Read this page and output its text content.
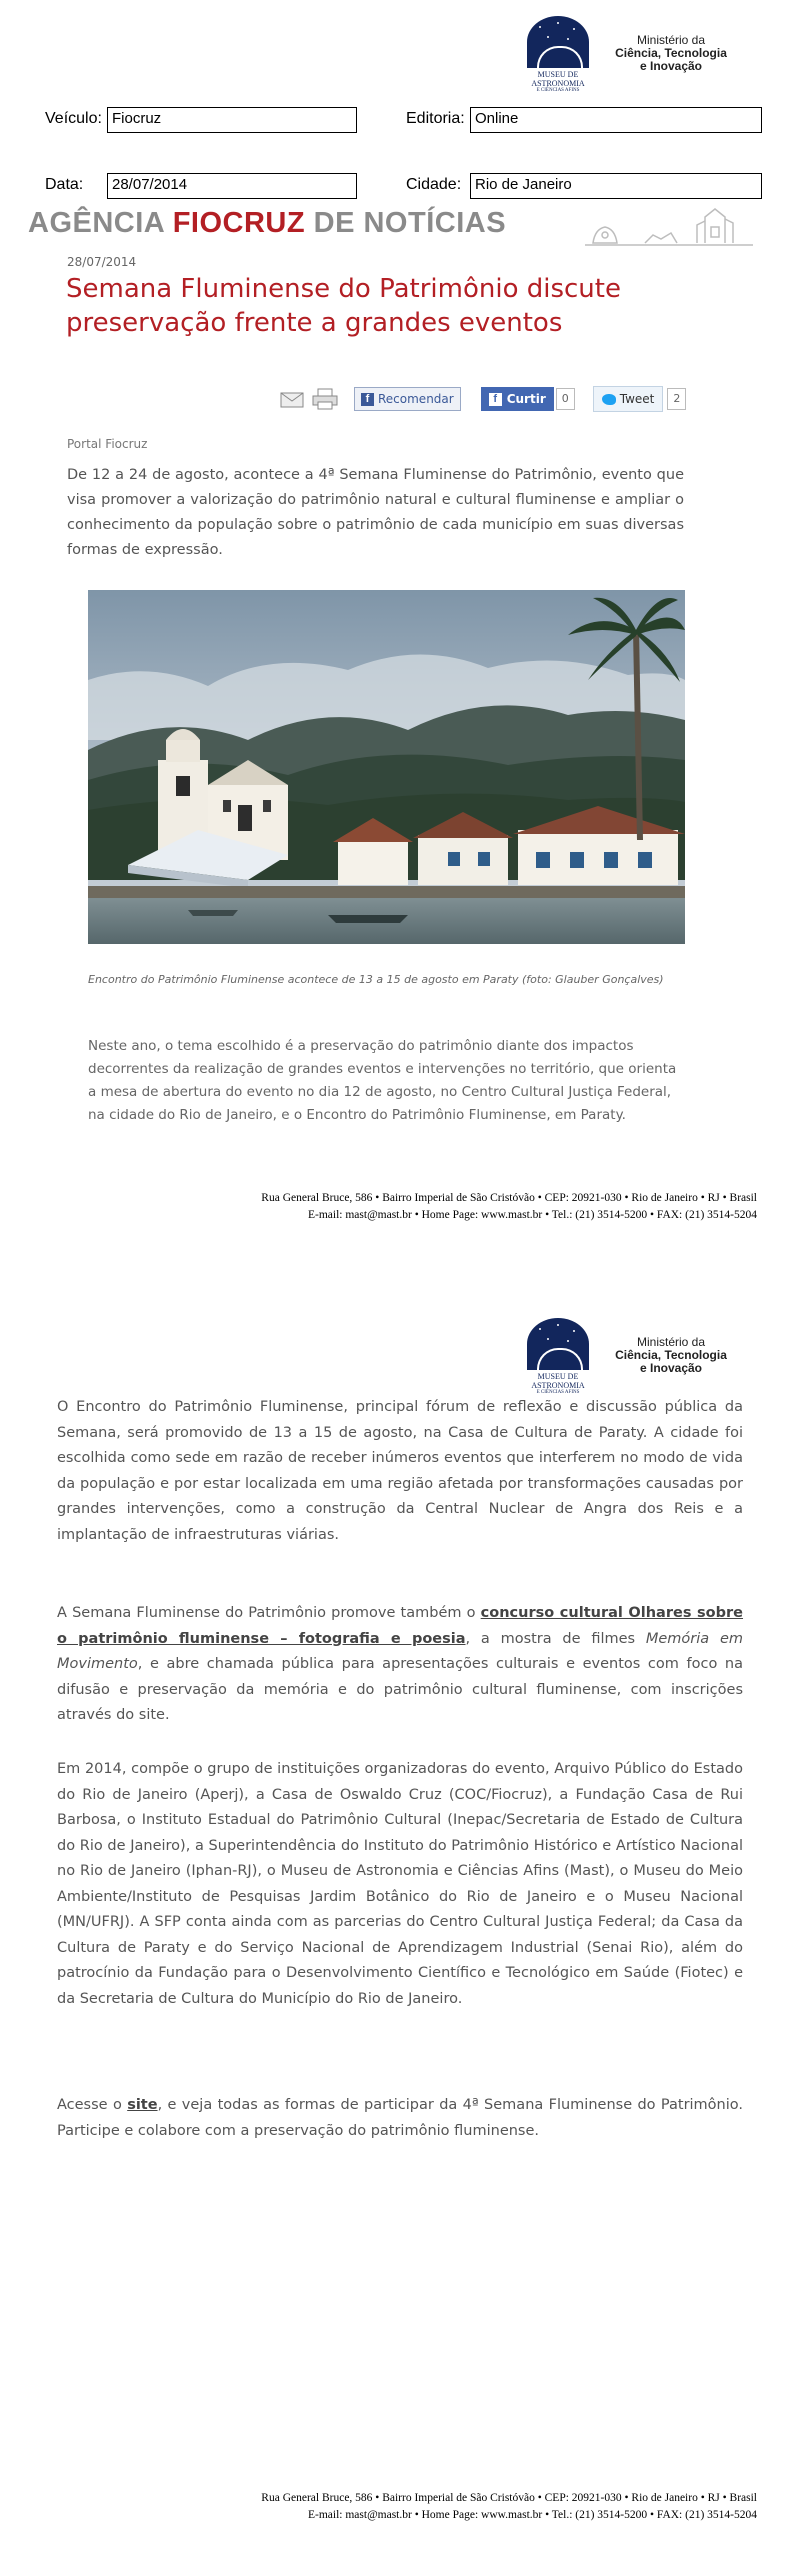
MUSEU DE
ASTRONOMIA
E CIÊNCIAS AFINS
Ministério da
Ciência, Tecnologia
e Inovação
Veículo: Fiocruz	Editoria: Online
Data:	28/07/2014	Cidade: Rio de Janeiro
AGÊNCIA FIOCRUZ DE NOTÍCIAS
28/07/2014
Semana Fluminense do Patrimônio discute preservação frente a grandes eventos
f Recomendar	f Curtir	0	Tweet	2
Portal Fiocruz

De 12 a 24 de agosto, acontece a 4ª Semana Fluminense do Patrimônio, evento que visa promover a valorização do patrimônio natural e cultural fluminense e ampliar o conhecimento da população sobre o patrimônio de cada município em suas diversas formas de expressão.

Encontro do Patrimônio Fluminense acontece de 13 a 15 de agosto em Paraty (foto: Glauber Gonçalves)

Neste ano, o tema escolhido é a preservação do patrimônio diante dos impactos decorrentes da realização de grandes eventos e intervenções no território, que orienta a mesa de abertura do evento no dia 12 de agosto, no Centro Cultural Justiça Federal, na cidade do Rio de Janeiro, e o Encontro do Patrimônio Fluminense, em Paraty.

Rua General Bruce, 586 • Bairro Imperial de São Cristóvão • CEP: 20921-030 • Rio de Janeiro • RJ • Brasil
E-mail: mast@mast.br • Home Page: www.mast.br • Tel.: (21) 3514-5200 • FAX: (21) 3514-5204
MUSEU DE
ASTRONOMIA
E CIÊNCIAS AFINS
Ministério da
Ciência, Tecnologia
e Inovação

O Encontro do Patrimônio Fluminense, principal fórum de reflexão e discussão pública da Semana, será promovido de 13 a 15 de agosto, na Casa de Cultura de Paraty. A cidade foi escolhida como sede em razão de receber inúmeros eventos que interferem no modo de vida da população e por estar localizada em uma região afetada por transformações causadas por grandes intervenções, como a construção da Central Nuclear de Angra dos Reis e a implantação de infraestruturas viárias.

A Semana Fluminense do Patrimônio promove também o concurso cultural Olhares sobre o patrimônio fluminense – fotografia e poesia, a mostra de filmes Memória em Movimento, e abre chamada pública para apresentações culturais e eventos com foco na difusão e preservação da memória e do patrimônio cultural fluminense, com inscrições através do site.

Em 2014, compõe o grupo de instituições organizadoras do evento, Arquivo Público do Estado do Rio de Janeiro (Aperj), a Casa de Oswaldo Cruz (COC/Fiocruz), a Fundação Casa de Rui Barbosa, o Instituto Estadual do Patrimônio Cultural (Inepac/Secretaria de Estado de Cultura do Rio de Janeiro), a Superintendência do Instituto do Patrimônio Histórico e Artístico Nacional no Rio de Janeiro (Iphan-RJ), o Museu de Astronomia e Ciências Afins (Mast), o Museu do Meio Ambiente/Instituto de Pesquisas Jardim Botânico do Rio de Janeiro e o Museu Nacional (MN/UFRJ). A SFP conta ainda com as parcerias do Centro Cultural Justiça Federal; da Casa da Cultura de Paraty e do Serviço Nacional de Aprendizagem Industrial (Senai Rio), além do patrocínio da Fundação para o Desenvolvimento Científico e Tecnológico em Saúde (Fiotec) e da Secretaria de Cultura do Município do Rio de Janeiro.

Acesse o site, e veja todas as formas de participar da 4ª Semana Fluminense do Patrimônio. Participe e colabore com a preservação do patrimônio fluminense.

Rua General Bruce, 586 • Bairro Imperial de São Cristóvão • CEP: 20921-030 • Rio de Janeiro • RJ • Brasil
E-mail: mast@mast.br • Home Page: www.mast.br • Tel.: (21) 3514-5200 • FAX: (21) 3514-5204
